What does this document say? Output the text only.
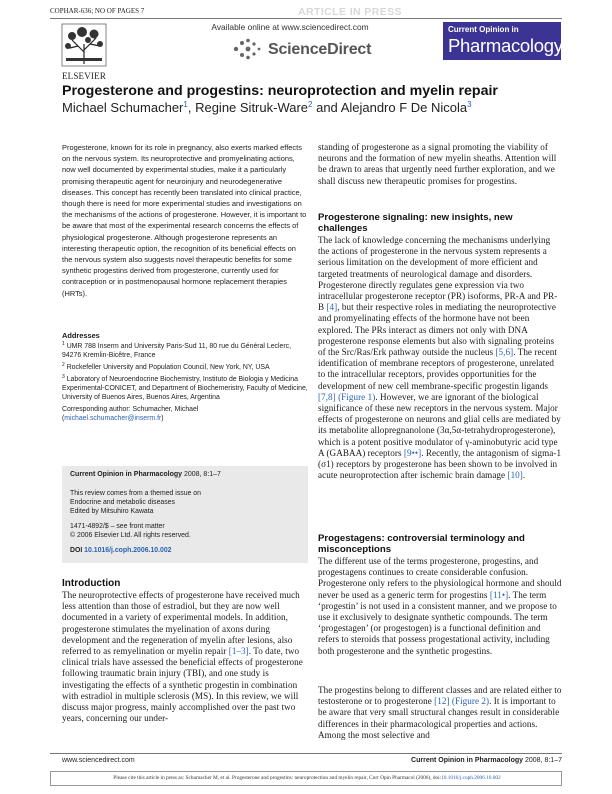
COPHAR-636; NO OF PAGES 7	ARTICLE IN PRESS
ELSEVIER
Available online at www.sciencedirect.com
ScienceDirect
Current Opinion in
Pharmacology
Progesterone and progestins: neuroprotection and myelin repair
Michael Schumacher$^1$, Regine Sitruk-Ware$^2$ and Alejandro F De Nicola$^3$

Progesterone, known for its role in pregnancy, also exerts marked effects on the nervous system. Its neuroprotective and promyelinating actions, now well documented by experimental studies, make it a particularly promising therapeutic agent for neuroinjury and neurodegenerative diseases. This concept has recently been translated into clinical practice, though there is need for more experimental studies and investigations on the mechanisms of the actions of progesterone. However, it is important to be aware that most of the experimental research concerns the effects of physiological progesterone. Although progesterone represents an interesting therapeutic option, the recognition of its beneficial effects on the nervous system also suggests novel therapeutic benefits for some synthetic progestins derived from progesterone, currently used for contraception or in postmenopausal hormone replacement therapies (HRTs).

Addresses
$^1$ UMR 788 Inserm and University Paris-Sud 11, 80 rue du Général Leclerc, 94276 Kremlin-Bicêtre, France
$^2$ Rockefeller University and Population Council, New York, NY, USA
$^3$ Laboratory of Neuroendocrine Biochemistry, Instituto de Biologia y Medicina Experimental-CONICET, and Department of Biochemeristry, Faculty of Medicine, University of Buenos Aires, Buenos Aires, Argentina
Corresponding author: Schumacher, Michael
(michael.schumacher@inserm.fr)
Current Opinion in Pharmacology 2008, 8:1–7
This review comes from a themed issue on
Endocrine and metabolic diseases
Edited by Mitsuhiro Kawata
1471-4892/$ – see front matter
© 2006 Elsevier Ltd. All rights reserved.
DOI 10.1016/j.coph.2006.10.002
Introduction

The neuroprotective effects of progesterone have received much less attention than those of estradiol, but they are now well documented in a variety of experimental models. In addition, progesterone stimulates the myelination of axons during development and the regeneration of myelin after lesions, also referred to as remyelination or myelin repair [1–3]. To date, two clinical trials have assessed the beneficial effects of progesterone following traumatic brain injury (TBI), and one study is investigating the effects of a synthetic progestin in combination with estradiol in multiple sclerosis (MS). In this review, we will discuss major progress, mainly accomplished over the past two years, concerning our under-

standing of progesterone as a signal promoting the viability of neurons and the formation of new myelin sheaths. Attention will be drawn to areas that urgently need further exploration, and we shall discuss new therapeutic promises for progestins.

Progesterone signaling: new insights, new challenges

The lack of knowledge concerning the mechanisms underlying the actions of progesterone in the nervous system represents a serious limitation on the development of more efficient and targeted treatments of neurological damage and disorders. Progesterone directly regulates gene expression via two intracellular progesterone receptor (PR) isoforms, PR-A and PR-B [4], but their respective roles in mediating the neuroprotective and promyelinating effects of the hormone have not been explored. The PRs interact as dimers not only with DNA progesterone response elements but also with signaling proteins of the Src/Ras/Erk pathway outside the nucleus [5,6]. The recent identification of membrane receptors of progesterone, unrelated to the intracellular receptors, provides opportunities for the development of new cell membrane-specific progestin ligands [7,8] (Figure 1). However, we are ignorant of the biological significance of these new receptors in the nervous system. Major effects of progesterone on neurons and glial cells are mediated by its metabolite allopregnanolone (3α,5α-tetrahydroprogesterone), which is a potent positive modulator of γ-aminobutyric acid type A (GABAA) receptors [9••]. Recently, the antagonism of sigma-1 (σ1) receptors by progesterone has been shown to be involved in acute neuroprotection after ischemic brain damage [10].

Progestagens: controversial terminology and misconceptions

The different use of the terms progesterone, progestins, and progestagens continues to create considerable confusion. Progesterone only refers to the physiological hormone and should never be used as a generic term for progestins [11•]. The term ‘progestin’ is not used in a consistent manner, and we propose to use it exclusively to designate synthetic compounds. The term ‘progestagen’ (or progestogen) is a functional definition and refers to steroids that possess progestational activity, including both progesterone and the synthetic progestins.

The progestins belong to different classes and are related either to testosterone or to progesterone [12] (Figure 2). It is important to be aware that very small structural changes result in considerable differences in their pharmacological properties and actions. Among the most selective and

www.sciencedirect.com	Current Opinion in Pharmacology 2008, 8:1–7
Please cite this article in press as: Schumacher M, et al. Progesterone and progestins: neuroprotection and myelin repair, Curr Opin Pharmacol (2006), doi:10.1016/j.coph.2006.10.002
